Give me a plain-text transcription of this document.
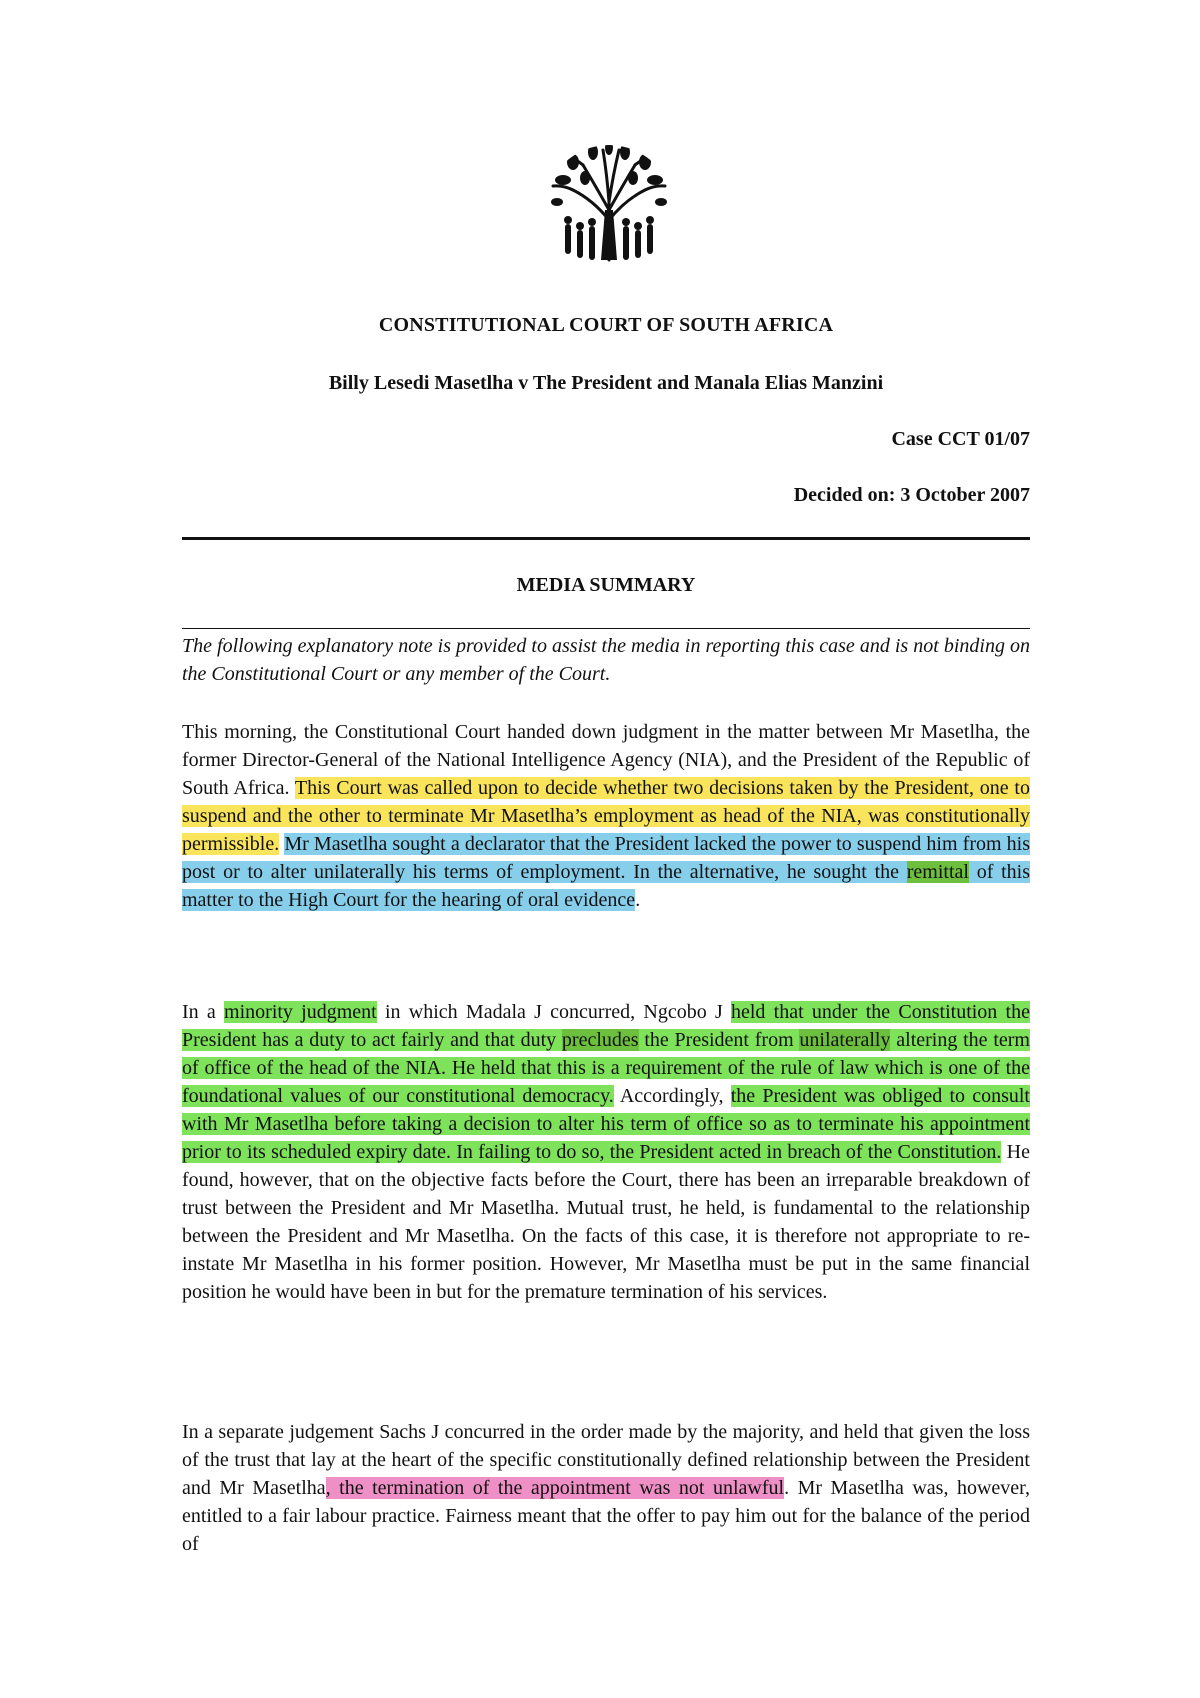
CONSTITUTIONAL COURT OF SOUTH AFRICA
Billy Lesedi Masetlha v The President and Manala Elias Manzini
Case CCT 01/07
Decided on: 3 October 2007
MEDIA SUMMARY

The following explanatory note is provided to assist the media in reporting this case and is not binding on the Constitutional Court or any member of the Court.

This morning, the Constitutional Court handed down judgment in the matter between Mr Masetlha, the former Director-General of the National Intelligence Agency (NIA), and the President of the Republic of South Africa. This Court was called upon to decide whether two decisions taken by the President, one to suspend and the other to terminate Mr Masetlha’s employment as head of the NIA, was constitutionally permissible. Mr Masetlha sought a declarator that the President lacked the power to suspend him from his post or to alter unilaterally his terms of employment. In the alternative, he sought the remittal of this matter to the High Court for the hearing of oral evidence.

In a minority judgment in which Madala J concurred, Ngcobo J held that under the Constitution the President has a duty to act fairly and that duty precludes the President from unilaterally altering the term of office of the head of the NIA. He held that this is a requirement of the rule of law which is one of the foundational values of our constitutional democracy. Accordingly, the President was obliged to consult with Mr Masetlha before taking a decision to alter his term of office so as to terminate his appointment prior to its scheduled expiry date. In failing to do so, the President acted in breach of the Constitution. He found, however, that on the objective facts before the Court, there has been an irreparable breakdown of trust between the President and Mr Masetlha. Mutual trust, he held, is fundamental to the relationship between the President and Mr Masetlha. On the facts of this case, it is therefore not appropriate to re-instate Mr Masetlha in his former position. However, Mr Masetlha must be put in the same financial position he would have been in but for the premature termination of his services.

In a separate judgement Sachs J concurred in the order made by the majority, and held that given the loss of the trust that lay at the heart of the specific constitutionally defined relationship between the President and Mr Masetlha, the termination of the appointment was not unlawful. Mr Masetlha was, however, entitled to a fair labour practice. Fairness meant that the offer to pay him out for the balance of the period of
